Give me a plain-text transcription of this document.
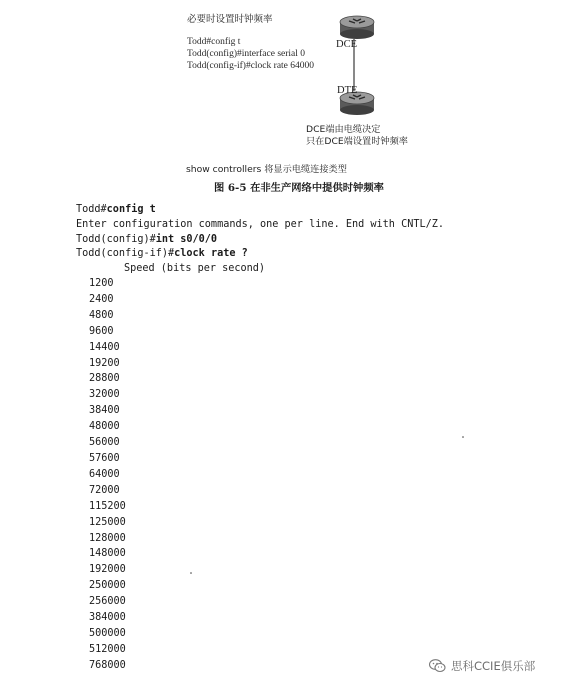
必要时设置时钟频率
Todd#config t
Todd(config)#interface serial 0
Todd(config-if)#clock rate 64000
DCE
DTE
DCE端由电缆决定
只在DCE端设置时钟频率
show controllers 将显示电缆连接类型
图 6-5 在非生产网络中提供时钟频率
Todd#config t
Enter configuration commands, one per line. End with CNTL/Z.
Todd(config)#int s0/0/0
Todd(config-if)#clock rate ?
Speed (bits per second)
1200
2400
4800
9600
14400
19200
28800
32000
38400
48000
56000
57600
64000
72000
115200
125000
128000
148000
192000
250000
256000
384000
500000
512000
768000	思科CCIE俱乐部
